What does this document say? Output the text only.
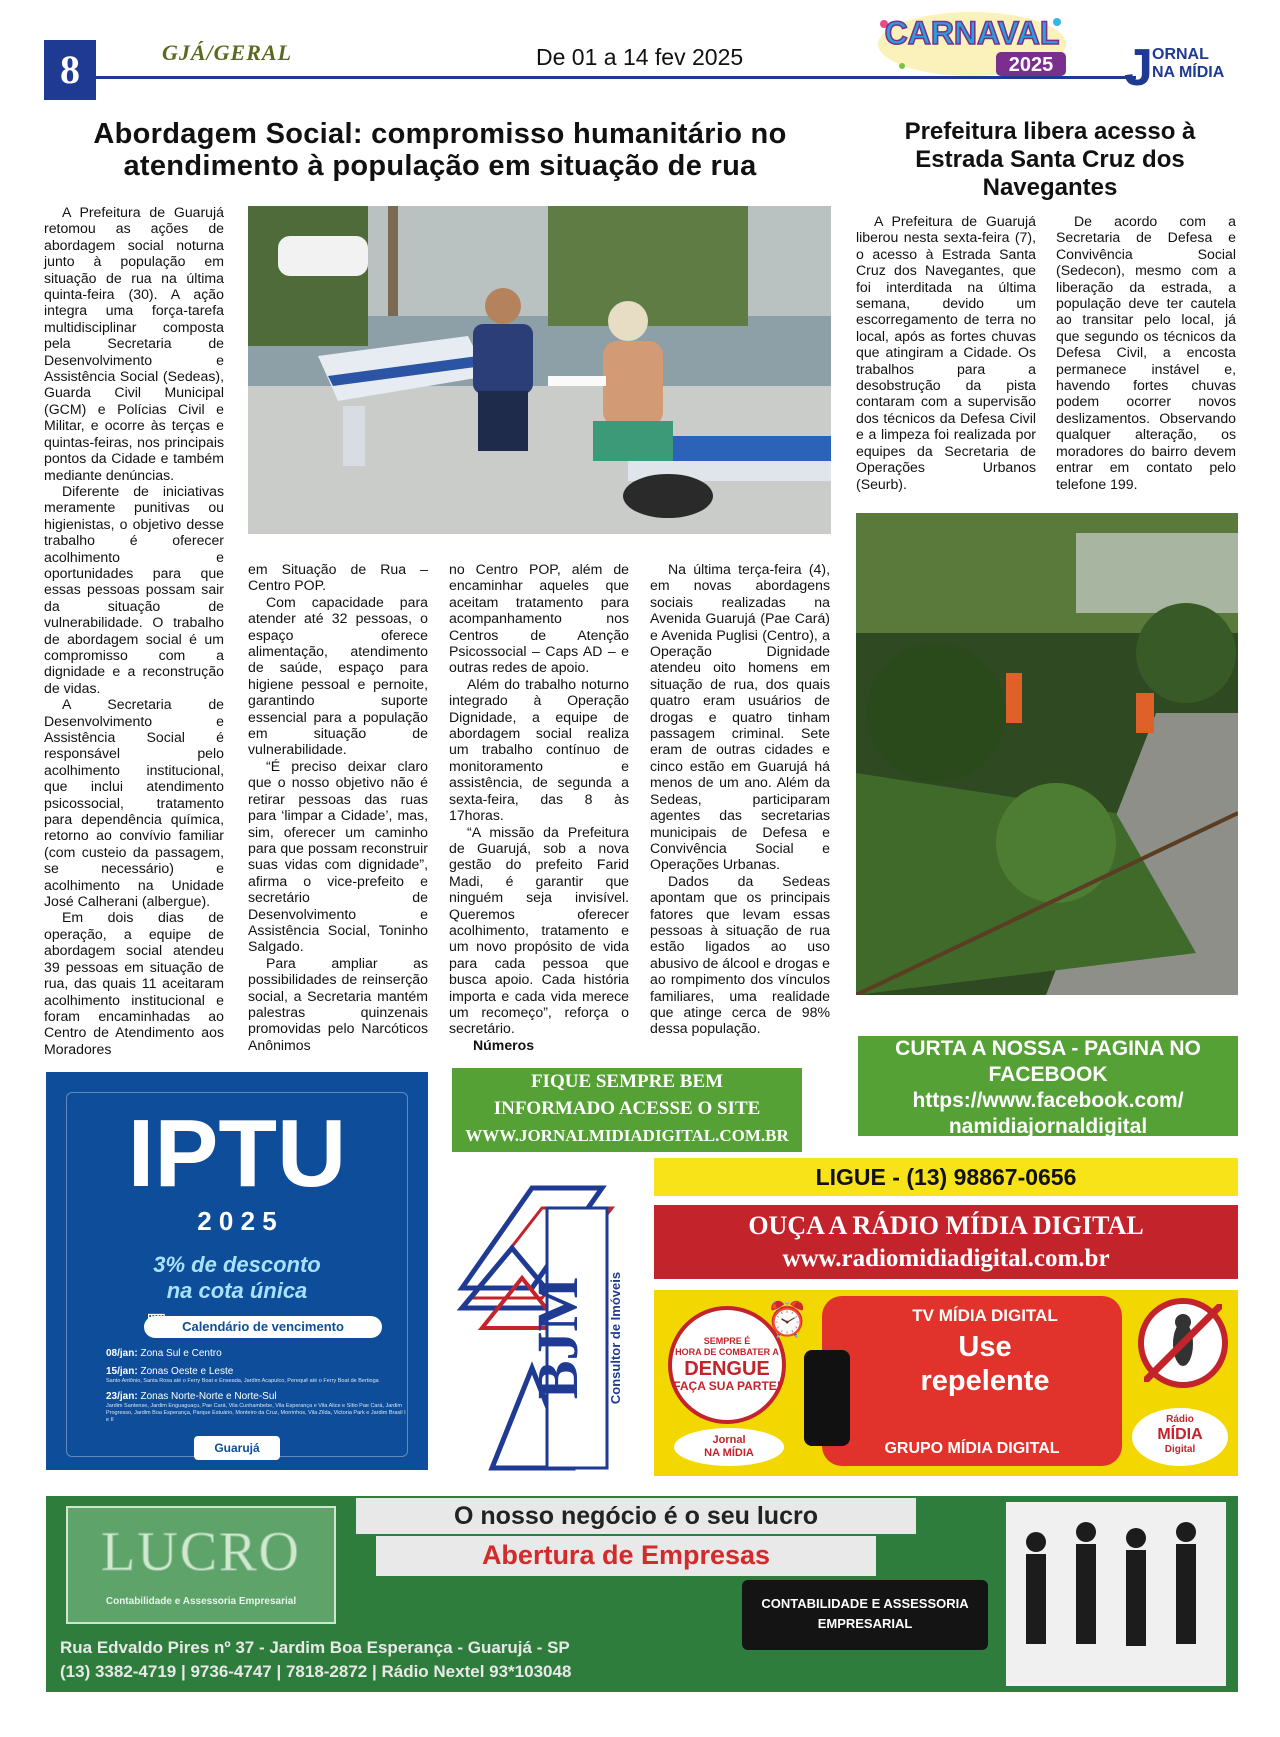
8	GJÁ/GERAL	De 01 a 14 fev 2025
CARNAVAL
2025 J ORNAL
NA MÍDIA
Abordagem Social: compromisso humanitário no atendimento à população em situação de rua

A Prefeitura de Guarujá retomou as ações de abordagem social noturna junto à população em situação de rua na última quinta-feira (30). A ação integra uma força-tarefa multidisciplinar composta pela Secretaria de Desenvolvimento e Assistência Social (Sedeas), Guarda Civil Municipal (GCM) e Polícias Civil e Militar, e ocorre às terças e quintas-feiras, nos principais pontos da Cidade e também mediante denúncias.

Diferente de iniciativas meramente punitivas ou higienistas, o objetivo desse trabalho é oferecer acolhimento e oportunidades para que essas pessoas possam sair da situação de vulnerabilidade. O trabalho de abordagem social é um compromisso com a dignidade e a reconstrução de vidas.

A Secretaria de Desenvolvimento e Assistência Social é responsável pelo acolhimento institucional, que inclui atendimento psicossocial, tratamento para dependência química, retorno ao convívio familiar (com custeio da passagem, se necessário) e acolhimento na Unidade José Calherani (albergue).

Em dois dias de operação, a equipe de abordagem social atendeu 39 pessoas em situação de rua, das quais 11 aceitaram acolhimento institucional e foram encaminhadas ao Centro de Atendimento aos Moradores

em Situação de Rua – Centro POP.

Com capacidade para atender até 32 pessoas, o espaço oferece alimentação, atendimento de saúde, espaço para higiene pessoal e pernoite, garantindo suporte essencial para a população em situação de vulnerabilidade.

“É preciso deixar claro que o nosso objetivo não é retirar pessoas das ruas para ‘limpar a Cidade’, mas, sim, oferecer um caminho para que possam reconstruir suas vidas com dignidade”, afirma o vice-prefeito e secretário de Desenvolvimento e Assistência Social, Toninho Salgado.

Para ampliar as possibilidades de reinserção social, a Secretaria mantém palestras quinzenais promovidas pelo Narcóticos Anônimos

no Centro POP, além de encaminhar aqueles que aceitam tratamento para acompanhamento nos Centros de Atenção Psicossocial – Caps AD – e outras redes de apoio.

Além do trabalho noturno integrado à Operação Dignidade, a equipe de abordagem social realiza um trabalho contínuo de monitoramento e assistência, de segunda a sexta-feira, das 8 às 17horas.

“A missão da Prefeitura de Guarujá, sob a nova gestão do prefeito Farid Madi, é garantir que ninguém seja invisível. Queremos oferecer acolhimento, tratamento e um novo propósito de vida para cada pessoa que busca apoio. Cada história importa e cada vida merece um recomeço”, reforça o secretário.

Números

Na última terça-feira (4), em novas abordagens sociais realizadas na Avenida Guarujá (Pae Cará) e Avenida Puglisi (Centro), a Operação Dignidade atendeu oito homens em situação de rua, dos quais quatro eram usuários de drogas e quatro tinham passagem criminal. Sete eram de outras cidades e cinco estão em Guarujá há menos de um ano. Além da Sedeas, participaram agentes das secretarias municipais de Defesa e Convivência Social e Operações Urbanas.

Dados da Sedeas apontam que os principais fatores que levam essas pessoas à situação de rua estão ligados ao uso abusivo de álcool e drogas e ao rompimento dos vínculos familiares, uma realidade que atinge cerca de 98% dessa população.

Prefeitura libera acesso à Estrada Santa Cruz dos Navegantes

A Prefeitura de Guarujá liberou nesta sexta-feira (7), o acesso à Estrada Santa Cruz dos Navegantes, que foi interditada na última semana, devido um escorregamento de terra no local, após as fortes chuvas que atingiram a Cidade. Os trabalhos para a desobstrução da pista contaram com a supervisão dos técnicos da Defesa Civil e a limpeza foi realizada por equipes da Secretaria de Operações Urbanos (Seurb).

De acordo com a Secretaria de Defesa e Convivência Social (Sedecon), mesmo com a liberação da estrada, a população deve ter cautela ao transitar pelo local, já que segundo os técnicos da Defesa Civil, a encosta permanece instável e, havendo fortes chuvas podem ocorrer novos deslizamentos. Observando qualquer alteração, os moradores do bairro devem entrar em contato pelo telefone 199.

IPTU
2 0 2 5
3% de desconto
na cota única
Calendário de vencimento
▦
08/jan: Zona Sul e Centro
15/jan: Zonas Oeste e Leste
Santo Antônio, Santa Rosa até o Ferry Boat e Enseada, Jardim Acapulco, Perequê até o Ferry Boat de Bertioga
23/jan: Zonas Norte-Norte e Norte-Sul
Jardim Santense, Jardim Enguaguaçu, Pae Cará, Vila Cunhambebe, Vila Esperança e Vila Alice e Sítio Pae Cará, Jardim Progresso, Jardim Boa Esperança, Parque Estuário, Monteiro da Cruz, Morrinhos, Vila Zilda, Victoria Park e Jardim Brasil I e II
Guarujá
FIQUE SEMPRE BEM
INFORMADO ACESSE O SITE
WWW.JORNALMIDIADIGITAL.COM.BR
BJM Consultor de Imóveis
CURTA A NOSSA - PAGINA NO
FACEBOOK
https://www.facebook.com/
namidiajornaldigital
LIGUE - (13) 98867-0656
OUÇA A RÁDIO MÍDIA DIGITAL
www.radiomidiadigital.com.br
SEMPRE É
HORA DE COMBATER A
DENGUE
FAÇA SUA PARTE!
⏰
Jornal
NA MÍDIA
TV MÍDIA DIGITAL
Use
repelente
GRUPO MÍDIA DIGITAL
Rádio
MÍDIA
Digital
LUCRO
Contabilidade e Assessoria Empresarial
O nosso negócio é o seu lucro
Abertura de Empresas
CONTABILIDADE E ASSESSORIA
EMPRESARIAL
Rua Edvaldo Pires nº 37 - Jardim Boa Esperança - Guarujá - SP
(13) 3382-4719 | 9736-4747 | 7818-2872 | Rádio Nextel 93*103048
